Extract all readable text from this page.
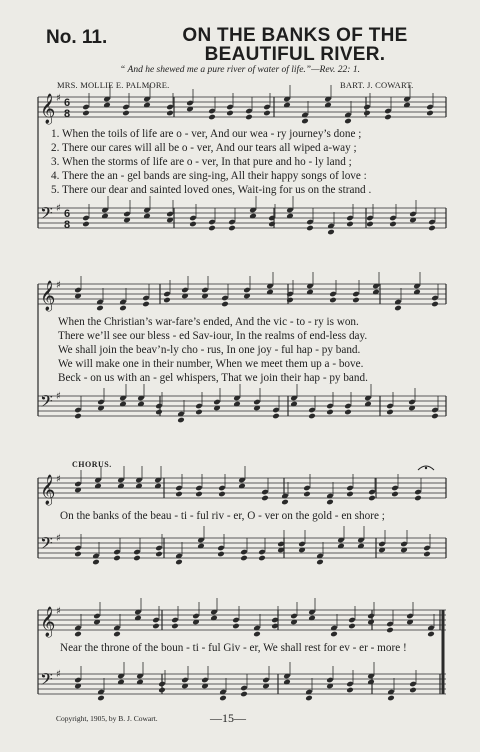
No. 11.	ON THE BANKS OF THE
BEAUTIFUL RIVER.
“ And he shewed me a pure river of water of life.”—Rev. 22: 1.
MRS. MOLLIE E. PALMORE.	BART. J. COWART.
𝄞
𝄢
𝄞
𝄢
𝄞
𝄢
𝄞
𝄢
♯
♯
♯
♯
♯
♯
♯
♯
6
8
6
8
1. When the toils of life are o - ver, And our wea - ry journey’s done ;
2. There our cares will all be o - ver, And our tears all wiped a-way ;
3. When the storms of life are o - ver, In that pure and ho - ly land ;
4. There the an - gel bands are sing-ing, All their happy songs of love :
5. There our dear and sainted loved ones, Wait-ing for us on the strand .
When the Christian’s war-fare’s ended, And the vic - to - ry is won.
There we’ll see our bless - ed Sav-iour, In the realms of end-less day.
We shall join the beav’n-ly cho - rus, In one joy - ful hap - py band.
We will make one in their number, When we meet them up a - bove.
Beck - on us with an - gel whispers, That we join their hap - py band.
CHORUS.
On the banks of the beau - ti - ful riv - er, O - ver on the gold - en shore ;
Near the throne of the boun - ti - ful Giv - er, We shall rest for ev - er - more !
Copyright, 1905, by B. J. Cowart.	—15—
